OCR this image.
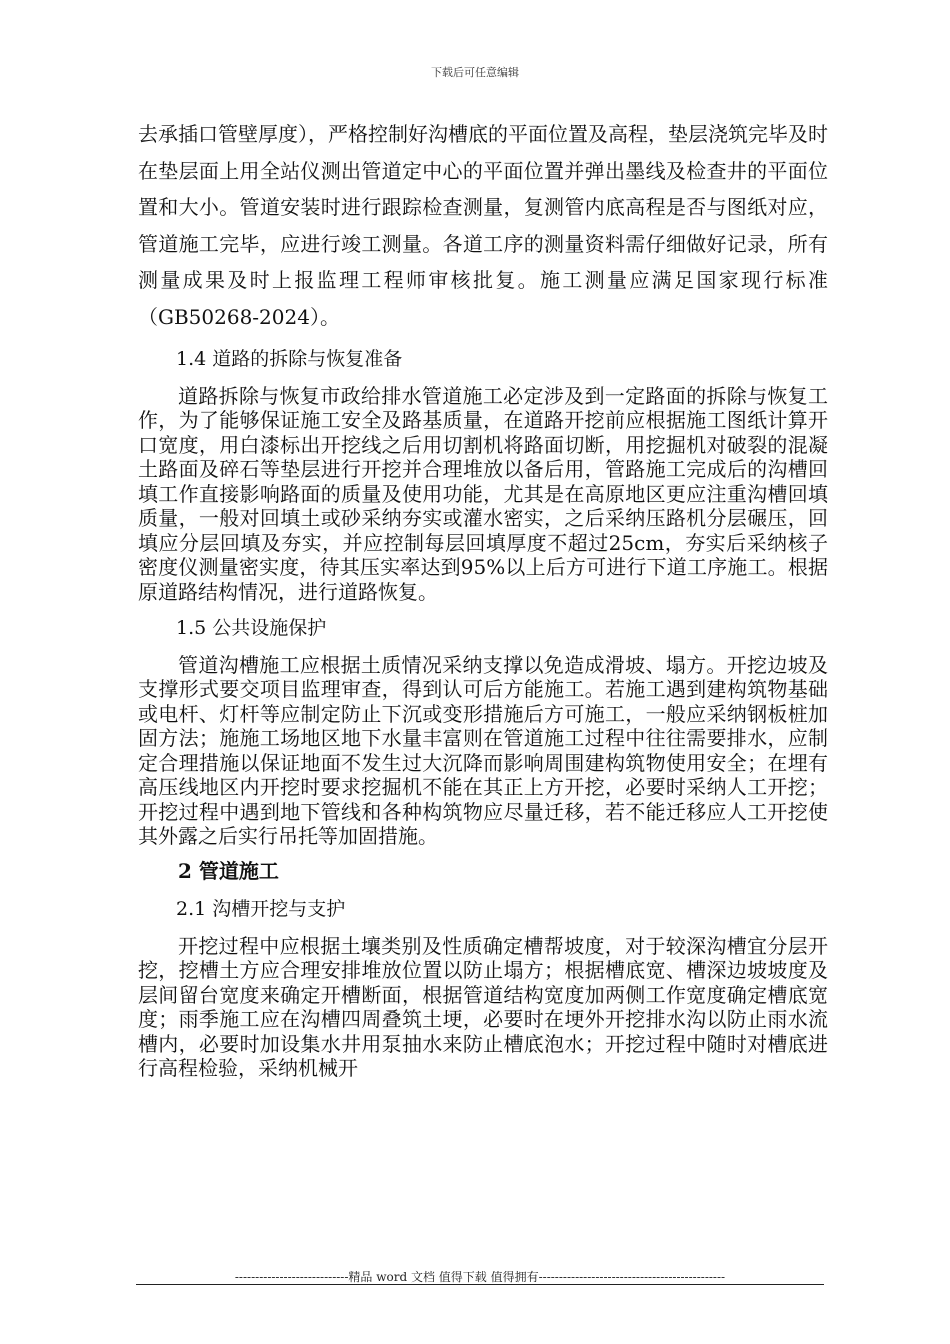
下载后可任意编辑

去承插口管壁厚度），严格控制好沟槽底的平面位置及高程，垫层浇筑完毕及时在垫层面上用全站仪测出管道定中心的平面位置并弹出墨线及检查井的平面位置和大小。管道安装时进行跟踪检查测量，复测管内底高程是否与图纸对应，管道施工完毕，应进行竣工测量。各道工序的测量资料需仔细做好记录，所有测量成果及时上报监理工程师审核批复。施工测量应满足国家现行标准（GB50268-2024）。

1.4 道路的拆除与恢复准备

道路拆除与恢复市政给排水管道施工必定涉及到一定路面的拆除与恢复工作，为了能够保证施工安全及路基质量，在道路开挖前应根据施工图纸计算开口宽度，用白漆标出开挖线之后用切割机将路面切断，用挖掘机对破裂的混凝土路面及碎石等垫层进行开挖并合理堆放以备后用，管路施工完成后的沟槽回填工作直接影响路面的质量及使用功能，尤其是在高原地区更应注重沟槽回填质量，一般对回填土或砂采纳夯实或灌水密实，之后采纳压路机分层碾压，回填应分层回填及夯实，并应控制每层回填厚度不超过25cm，夯实后采纳核子密度仪测量密实度，待其压实率达到95%以上后方可进行下道工序施工。根据原道路结构情况，进行道路恢复。

1.5 公共设施保护

管道沟槽施工应根据土质情况采纳支撑以免造成滑坡、塌方。开挖边坡及支撑形式要交项目监理审查，得到认可后方能施工。若施工遇到建构筑物基础或电杆、灯杆等应制定防止下沉或变形措施后方可施工，一般应采纳钢板桩加固方法；施施工场地区地下水量丰富则在管道施工过程中往往需要排水，应制定合理措施以保证地面不发生过大沉降而影响周围建构筑物使用安全；在埋有高压线地区内开挖时要求挖掘机不能在其正上方开挖，必要时采纳人工开挖；开挖过程中遇到地下管线和各种构筑物应尽量迁移，若不能迁移应人工开挖使其外露之后实行吊托等加固措施。

2 管道施工

2.1 沟槽开挖与支护

开挖过程中应根据土壤类别及性质确定槽帮坡度，对于较深沟槽宜分层开挖，挖槽土方应合理安排堆放位置以防止塌方；根据槽底宽、槽深边坡坡度及层间留台宽度来确定开槽断面，根据管道结构宽度加两侧工作宽度确定槽底宽度；雨季施工应在沟槽四周叠筑土埂，必要时在埂外开挖排水沟以防止雨水流槽内，必要时加设集水井用泵抽水来防止槽底泡水；开挖过程中随时对槽底进行高程检验，采纳机械开

----------------------------精品 word 文档 值得下载 值得拥有----------------------------------------------
